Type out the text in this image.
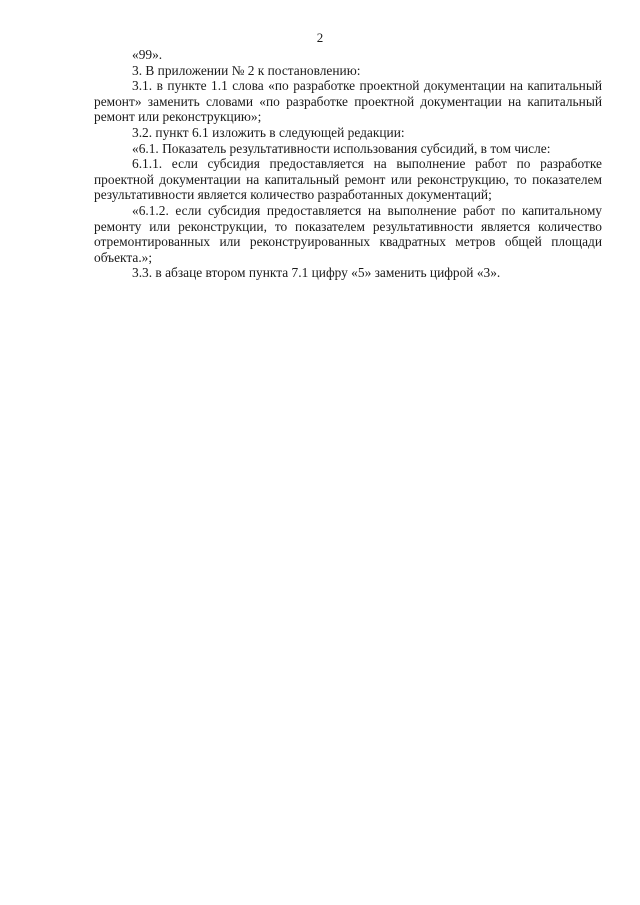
2

«99».

3. В приложении № 2 к постановлению:

3.1. в пункте 1.1 слова «по разработке проектной документации на капитальный ремонт» заменить словами «по разработке проектной документации на капитальный ремонт или реконструкцию»;

3.2. пункт 6.1 изложить в следующей редакции:

«6.1. Показатель результативности использования субсидий, в том числе:

6.1.1. если субсидия предоставляется на выполнение работ по разработке проектной документации на капитальный ремонт или реконструкцию, то показателем результативности является количество разработанных документаций;

«6.1.2. если субсидия предоставляется на выполнение работ по капитальному ремонту или реконструкции, то показателем результативности является количество отремонтированных или реконструированных квадратных метров общей площади объекта.»;

3.3. в абзаце втором пункта 7.1 цифру «5» заменить цифрой «3».
